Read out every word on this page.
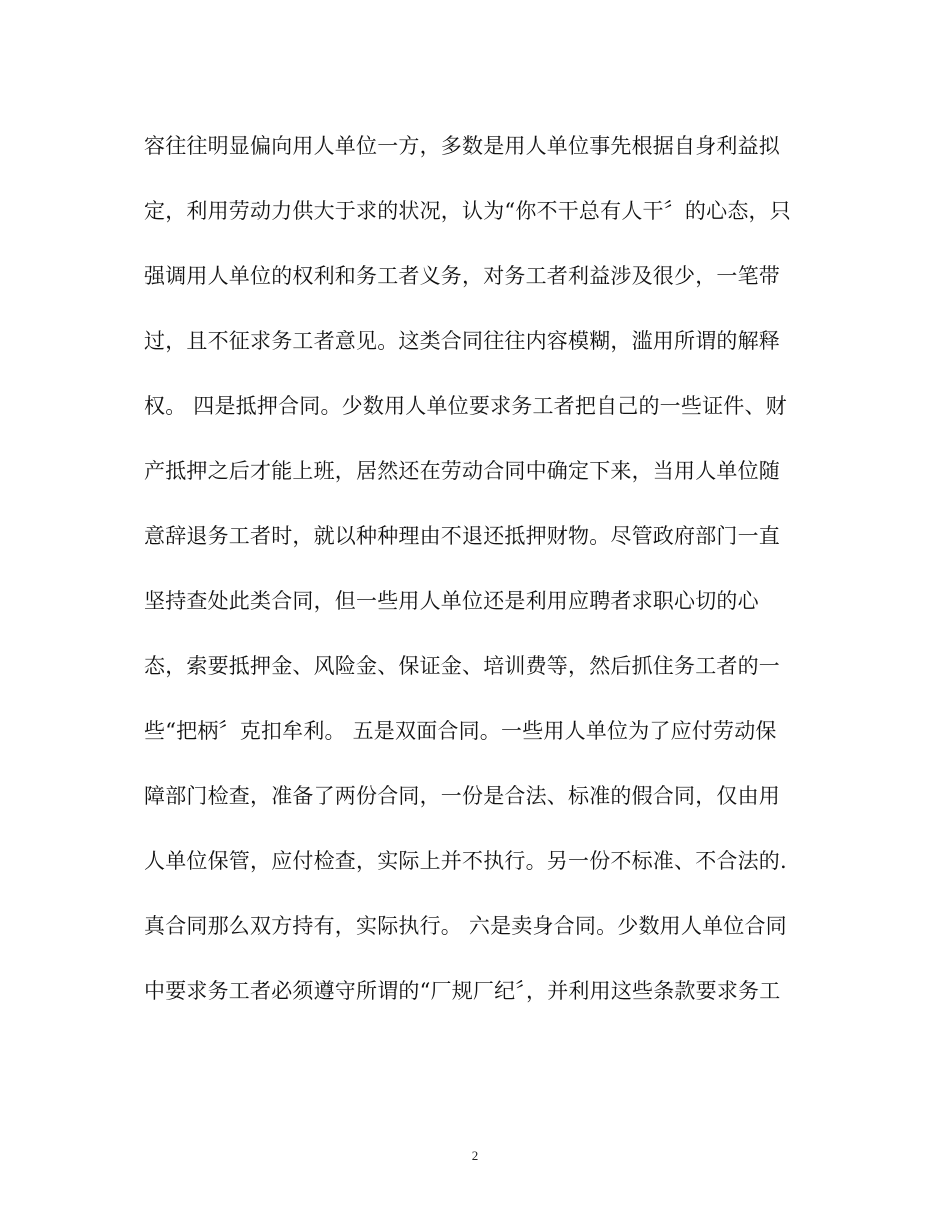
容往往明显偏向用人单位一方，多数是用人单位事先根据自身利益拟
定，利用劳动力供大于求的状况，认为“你不干总有人干〞的心态，只
强调用人单位的权利和务工者义务，对务工者利益涉及很少，一笔带
过，且不征求务工者意见。这类合同往往内容模糊，滥用所谓的解释
权。 四是抵押合同。少数用人单位要求务工者把自己的一些证件、财
产抵押之后才能上班，居然还在劳动合同中确定下来，当用人单位随
意辞退务工者时，就以种种理由不退还抵押财物。尽管政府部门一直
坚持查处此类合同，但一些用人单位还是利用应聘者求职心切的心
态，索要抵押金、风险金、保证金、培训费等，然后抓住务工者的一
些“把柄〞克扣牟利。 五是双面合同。一些用人单位为了应付劳动保
障部门检查，准备了两份合同，一份是合法、标准的假合同，仅由用
人单位保管，应付检查，实际上并不执行。另一份不标准、不合法的.
真合同那么双方持有，实际执行。 六是卖身合同。少数用人单位合同
中要求务工者必须遵守所谓的“厂规厂纪〞，并利用这些条款要求务工
2
